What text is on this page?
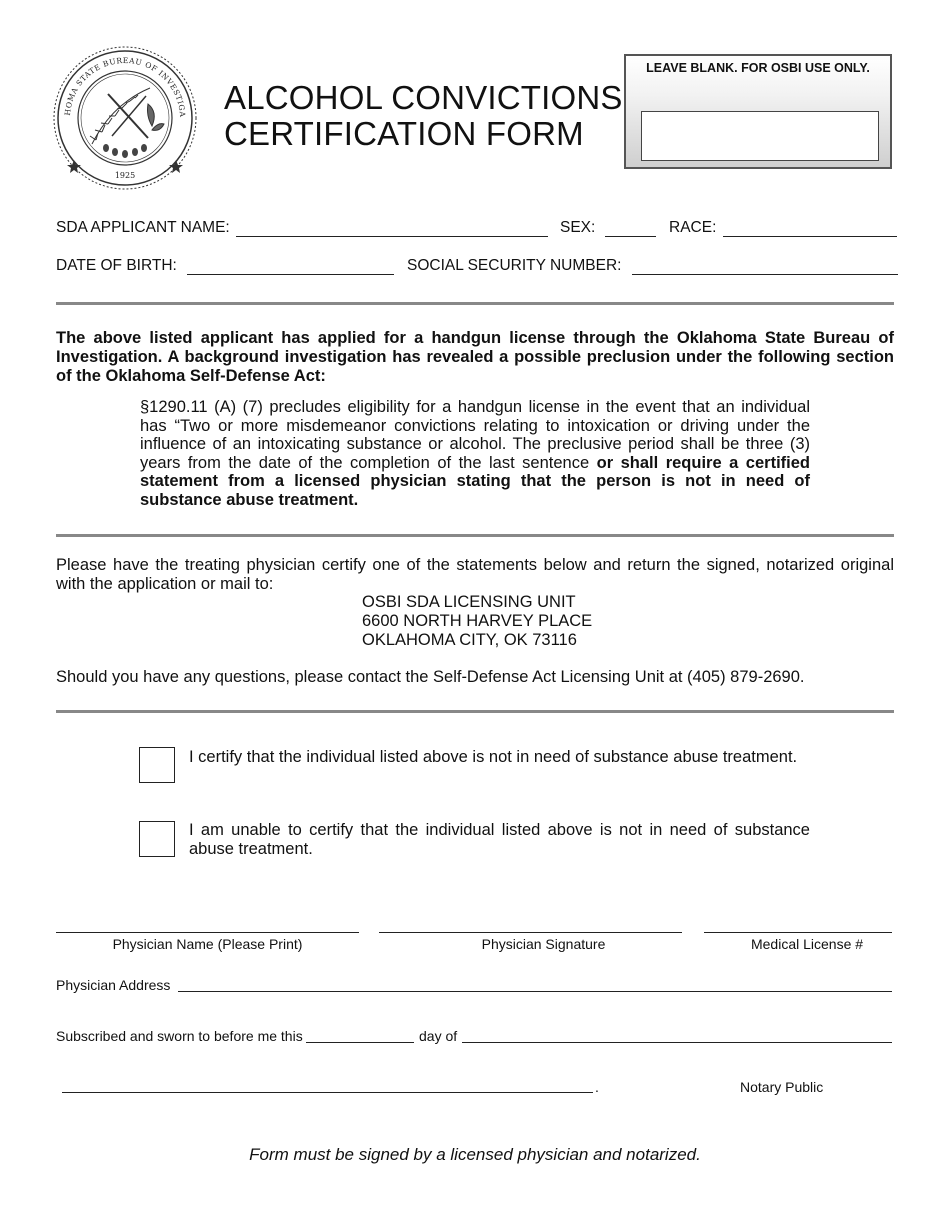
HOMA STATE BUREAU OF INVESTIGA
1925
ALCOHOL CONVICTIONS
CERTIFICATION FORM
LEAVE BLANK. FOR OSBI USE ONLY.
SDA APPLICANT NAME:	SEX:	RACE:
DATE OF BIRTH:	SOCIAL SECURITY NUMBER:
The above listed applicant has applied for a handgun license through the Oklahoma State Bureau of Investigation. A background investigation has revealed a possible preclusion under the following section of the Oklahoma Self-Defense Act:
§1290.11 (A) (7) precludes eligibility for a handgun license in the event that an individual has “Two or more misdemeanor convictions relating to intoxication or driving under the influence of an intoxicating substance or alcohol. The preclusive period shall be three (3) years from the date of the completion of the last sentence or shall require a certified statement from a licensed physician stating that the person is not in need of substance abuse treatment.
Please have the treating physician certify one of the statements below and return the signed, notarized original with the application or mail to:
OSBI SDA LICENSING UNIT
6600 NORTH HARVEY PLACE
OKLAHOMA CITY, OK 73116
Should you have any questions, please contact the Self-Defense Act Licensing Unit at (405) 879-2690.
I certify that the individual listed above is not in need of substance abuse treatment.
I am unable to certify that the individual listed above is not in need of substance abuse treatment.
Physician Name (Please Print)	Physician Signature	Medical License #
Physician Address
Subscribed and sworn to before me this	day of
.	Notary Public
Form must be signed by a licensed physician and notarized.
